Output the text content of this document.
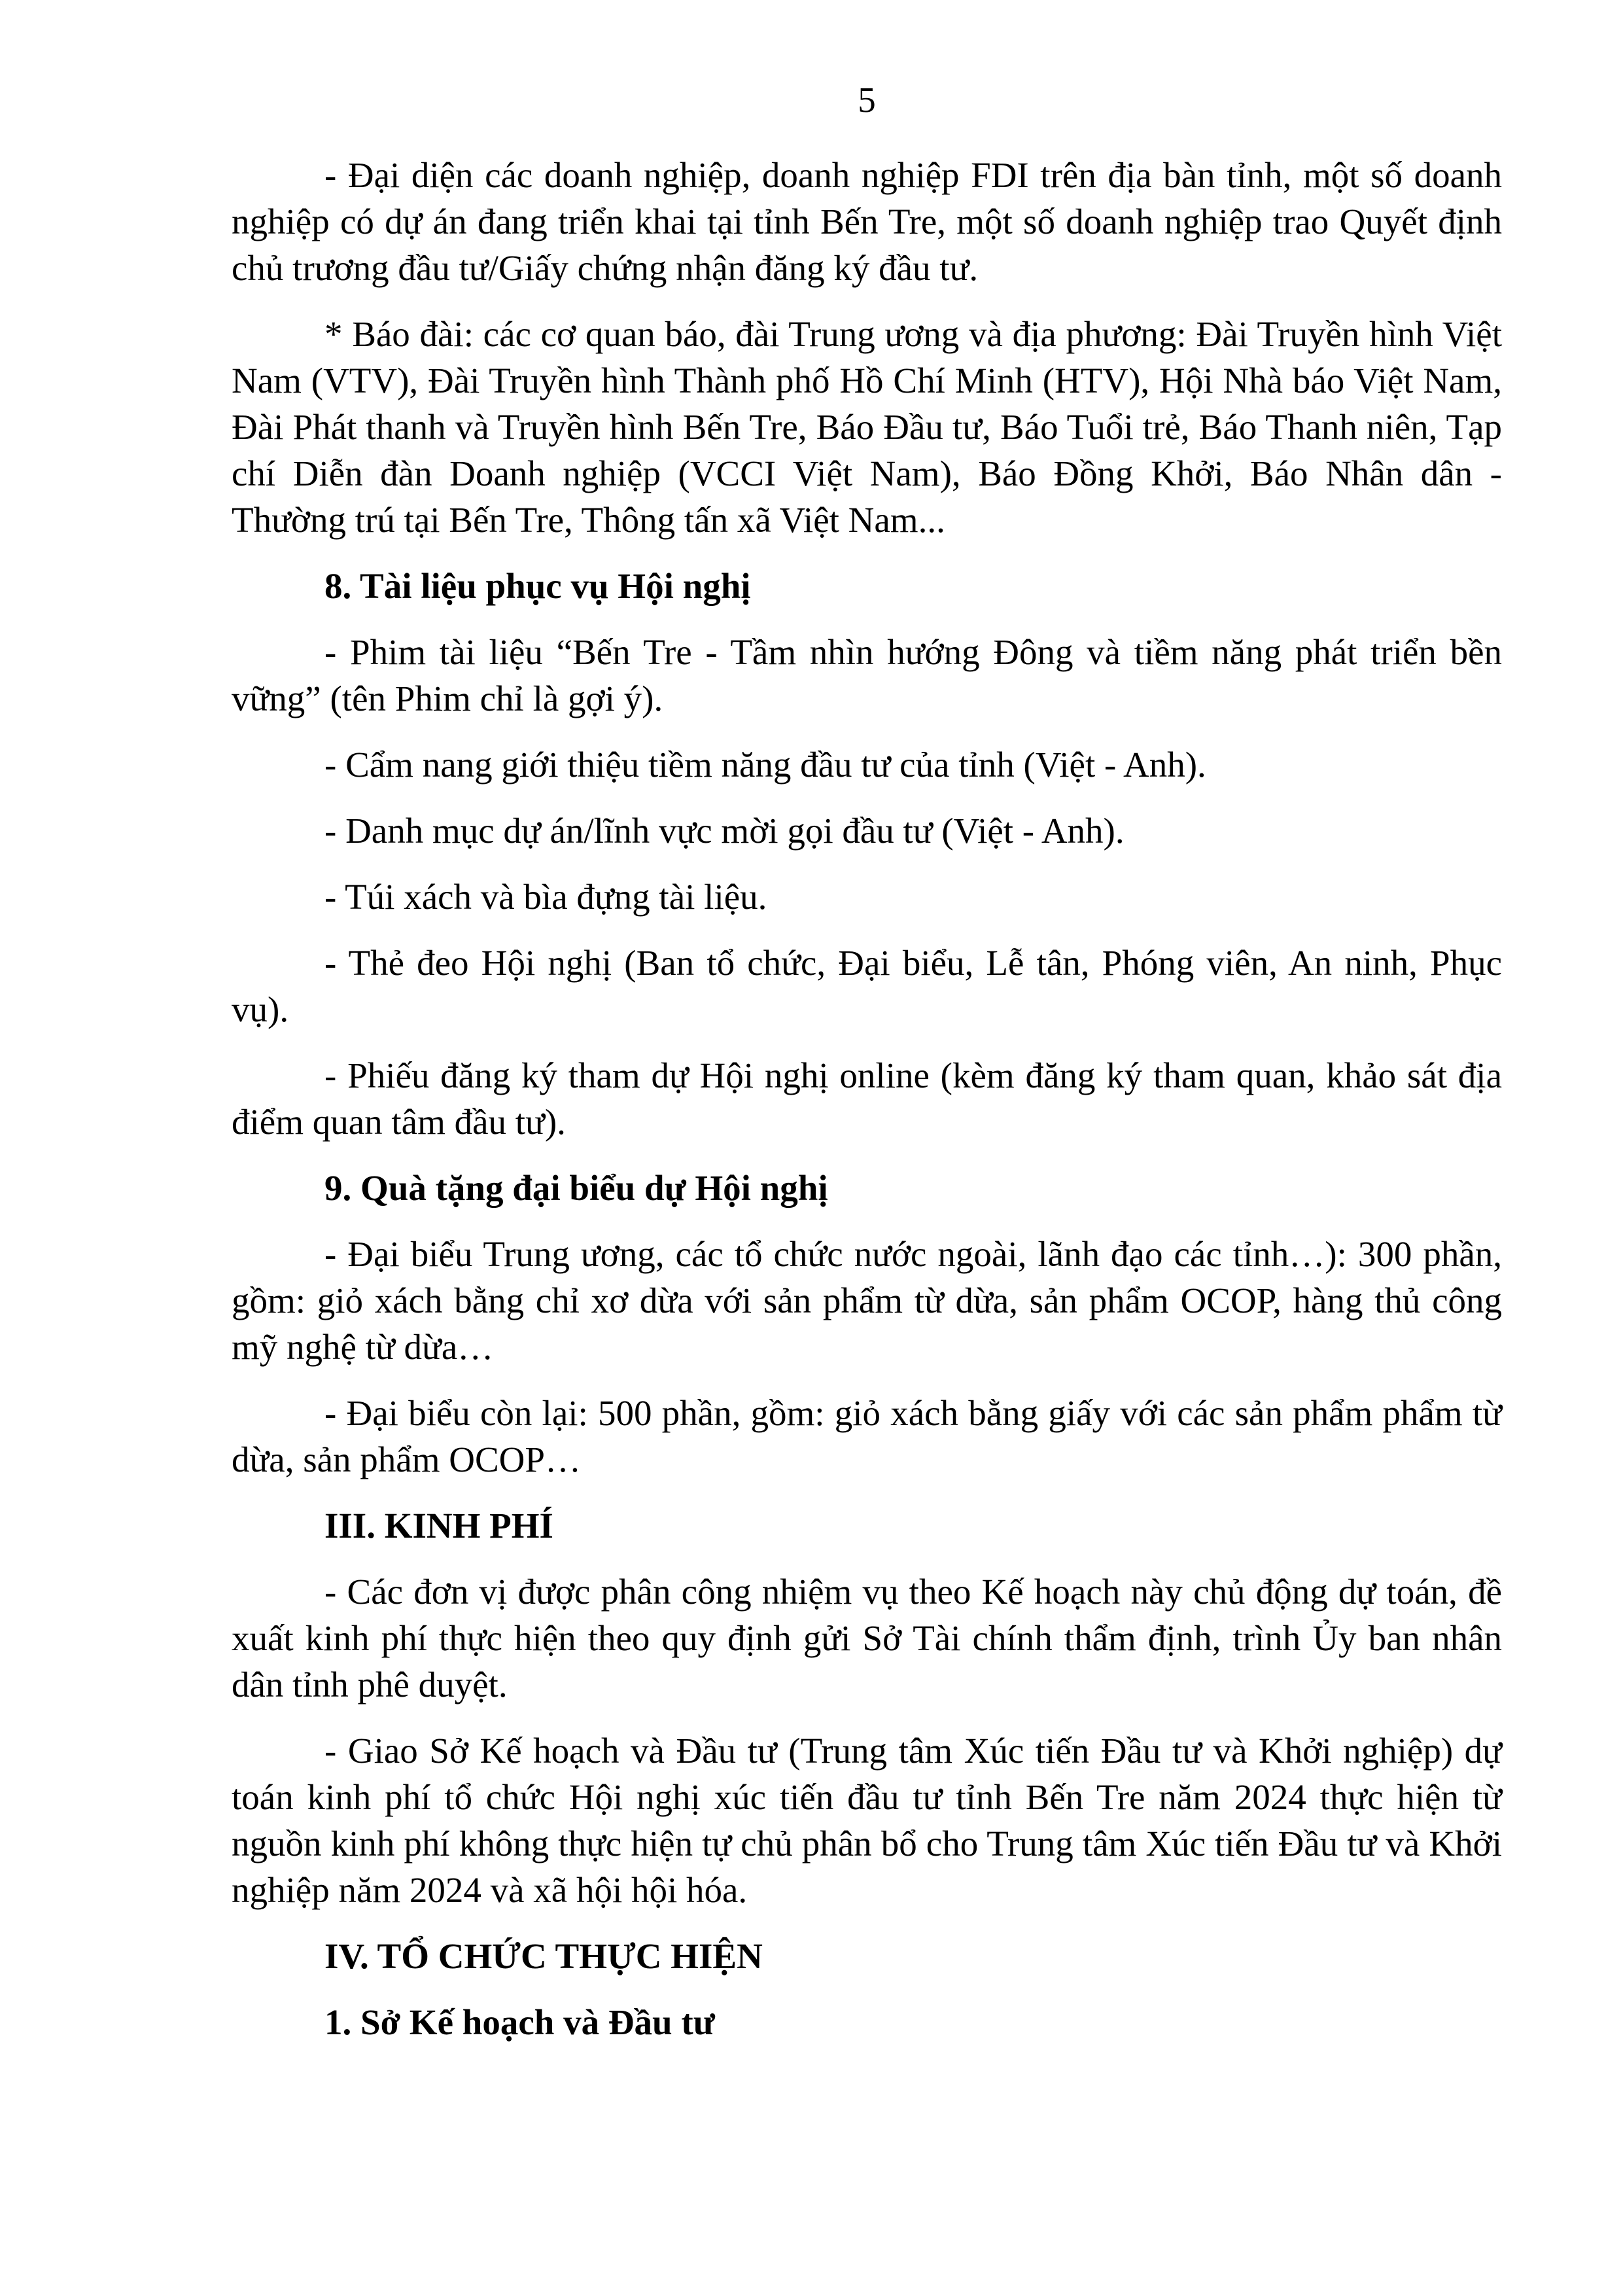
5

- Đại diện các doanh nghiệp, doanh nghiệp FDI trên địa bàn tỉnh, một số doanh nghiệp có dự án đang triển khai tại tỉnh Bến Tre, một số doanh nghiệp trao Quyết định chủ trương đầu tư/Giấy chứng nhận đăng ký đầu tư.

* Báo đài: các cơ quan báo, đài Trung ương và địa phương: Đài Truyền hình Việt Nam (VTV), Đài Truyền hình Thành phố Hồ Chí Minh (HTV), Hội Nhà báo Việt Nam, Đài Phát thanh và Truyền hình Bến Tre, Báo Đầu tư, Báo Tuổi trẻ, Báo Thanh niên, Tạp chí Diễn đàn Doanh nghiệp (VCCI Việt Nam), Báo Đồng Khởi, Báo Nhân dân - Thường trú tại Bến Tre, Thông tấn xã Việt Nam...

8. Tài liệu phục vụ Hội nghị

- Phim tài liệu “Bến Tre - Tầm nhìn hướng Đông và tiềm năng phát triển bền vững” (tên Phim chỉ là gợi ý).

- Cẩm nang giới thiệu tiềm năng đầu tư của tỉnh (Việt - Anh).

- Danh mục dự án/lĩnh vực mời gọi đầu tư (Việt - Anh).

- Túi xách và bìa đựng tài liệu.

- Thẻ đeo Hội nghị (Ban tổ chức, Đại biểu, Lễ tân, Phóng viên, An ninh, Phục vụ).

- Phiếu đăng ký tham dự Hội nghị online (kèm đăng ký tham quan, khảo sát địa điểm quan tâm đầu tư).

9. Quà tặng đại biểu dự Hội nghị

- Đại biểu Trung ương, các tổ chức nước ngoài, lãnh đạo các tỉnh…): 300 phần, gồm: giỏ xách bằng chỉ xơ dừa với sản phẩm từ dừa, sản phẩm OCOP, hàng thủ công mỹ nghệ từ dừa…

- Đại biểu còn lại: 500 phần, gồm: giỏ xách bằng giấy với các sản phẩm phẩm từ dừa, sản phẩm OCOP…

III. KINH PHÍ

- Các đơn vị được phân công nhiệm vụ theo Kế hoạch này chủ động dự toán, đề xuất kinh phí thực hiện theo quy định gửi Sở Tài chính thẩm định, trình Ủy ban nhân dân tỉnh phê duyệt.

- Giao Sở Kế hoạch và Đầu tư (Trung tâm Xúc tiến Đầu tư và Khởi nghiệp) dự toán kinh phí tổ chức Hội nghị xúc tiến đầu tư tỉnh Bến Tre năm 2024 thực hiện từ nguồn kinh phí không thực hiện tự chủ phân bổ cho Trung tâm Xúc tiến Đầu tư và Khởi nghiệp năm 2024 và xã hội hội hóa.

IV. TỔ CHỨC THỰC HIỆN
1. Sở Kế hoạch và Đầu tư
